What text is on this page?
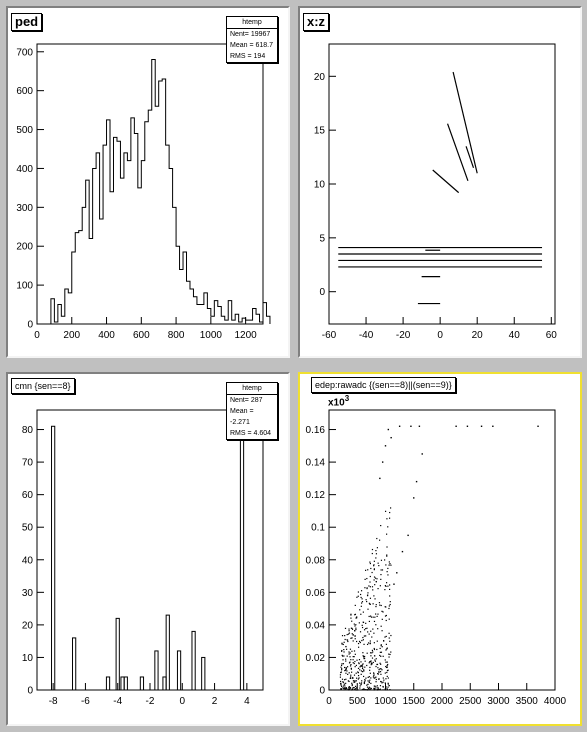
0 200 400 600 800 1000 1200
0
100
200
300
400
500
600
700
ped	htemp
Nent= 19967
Mean = 618.7
RMS = 194
-60 -40 -20	0	20	40	60
0
5
10
15
20
x:z
-8 -6 -4 -2	0	2	4
0
10
20
30
40
50
60
70
80
cmn {sen==8}	htemp
Nent= 287
Mean = -2.271
RMS = 4.604
0 500 1000 1500 2000 2500 3000 3500 4000
0
0.02
0.04
0.06
0.08
0.1
0.12
0.14
0.16
edep:rawadc {(sen==8)||(sen==9)}
$x10^3$
